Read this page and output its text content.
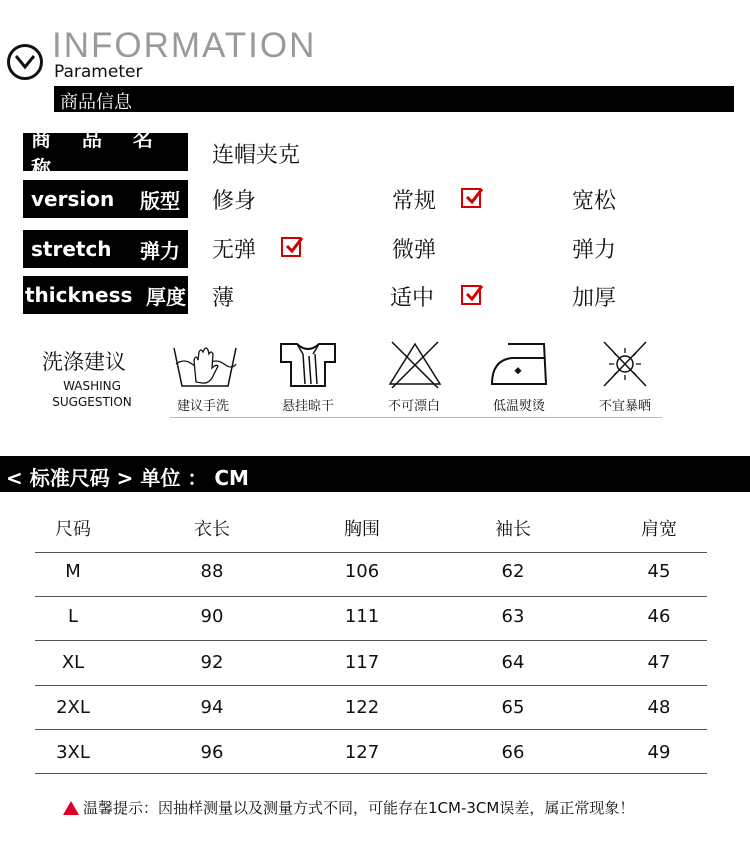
INFORMATION
Parameter
商品信息
商 品 名 称	连帽夹克
version 版型 修身	常规	宽松
stretch 弹力 无弹	微弹	弹力
thickness 厚度 薄	适中	加厚
洗涤建议
WASHING
SUGGESTION	建议手洗	悬挂晾干	不可漂白	低温熨烫	不宜暴晒
< 标准尺码 > 单位 ： CM
尺码	衣长	胸围	袖长	肩宽
M	88	106	62	45
L	90	111	63	46
XL	92	117	64	47
2XL	94	122	65	48
3XL	96	127	66	49
温馨提示：因抽样测量以及测量方式不同，可能存在1CM-3CM误差，属正常现象！
